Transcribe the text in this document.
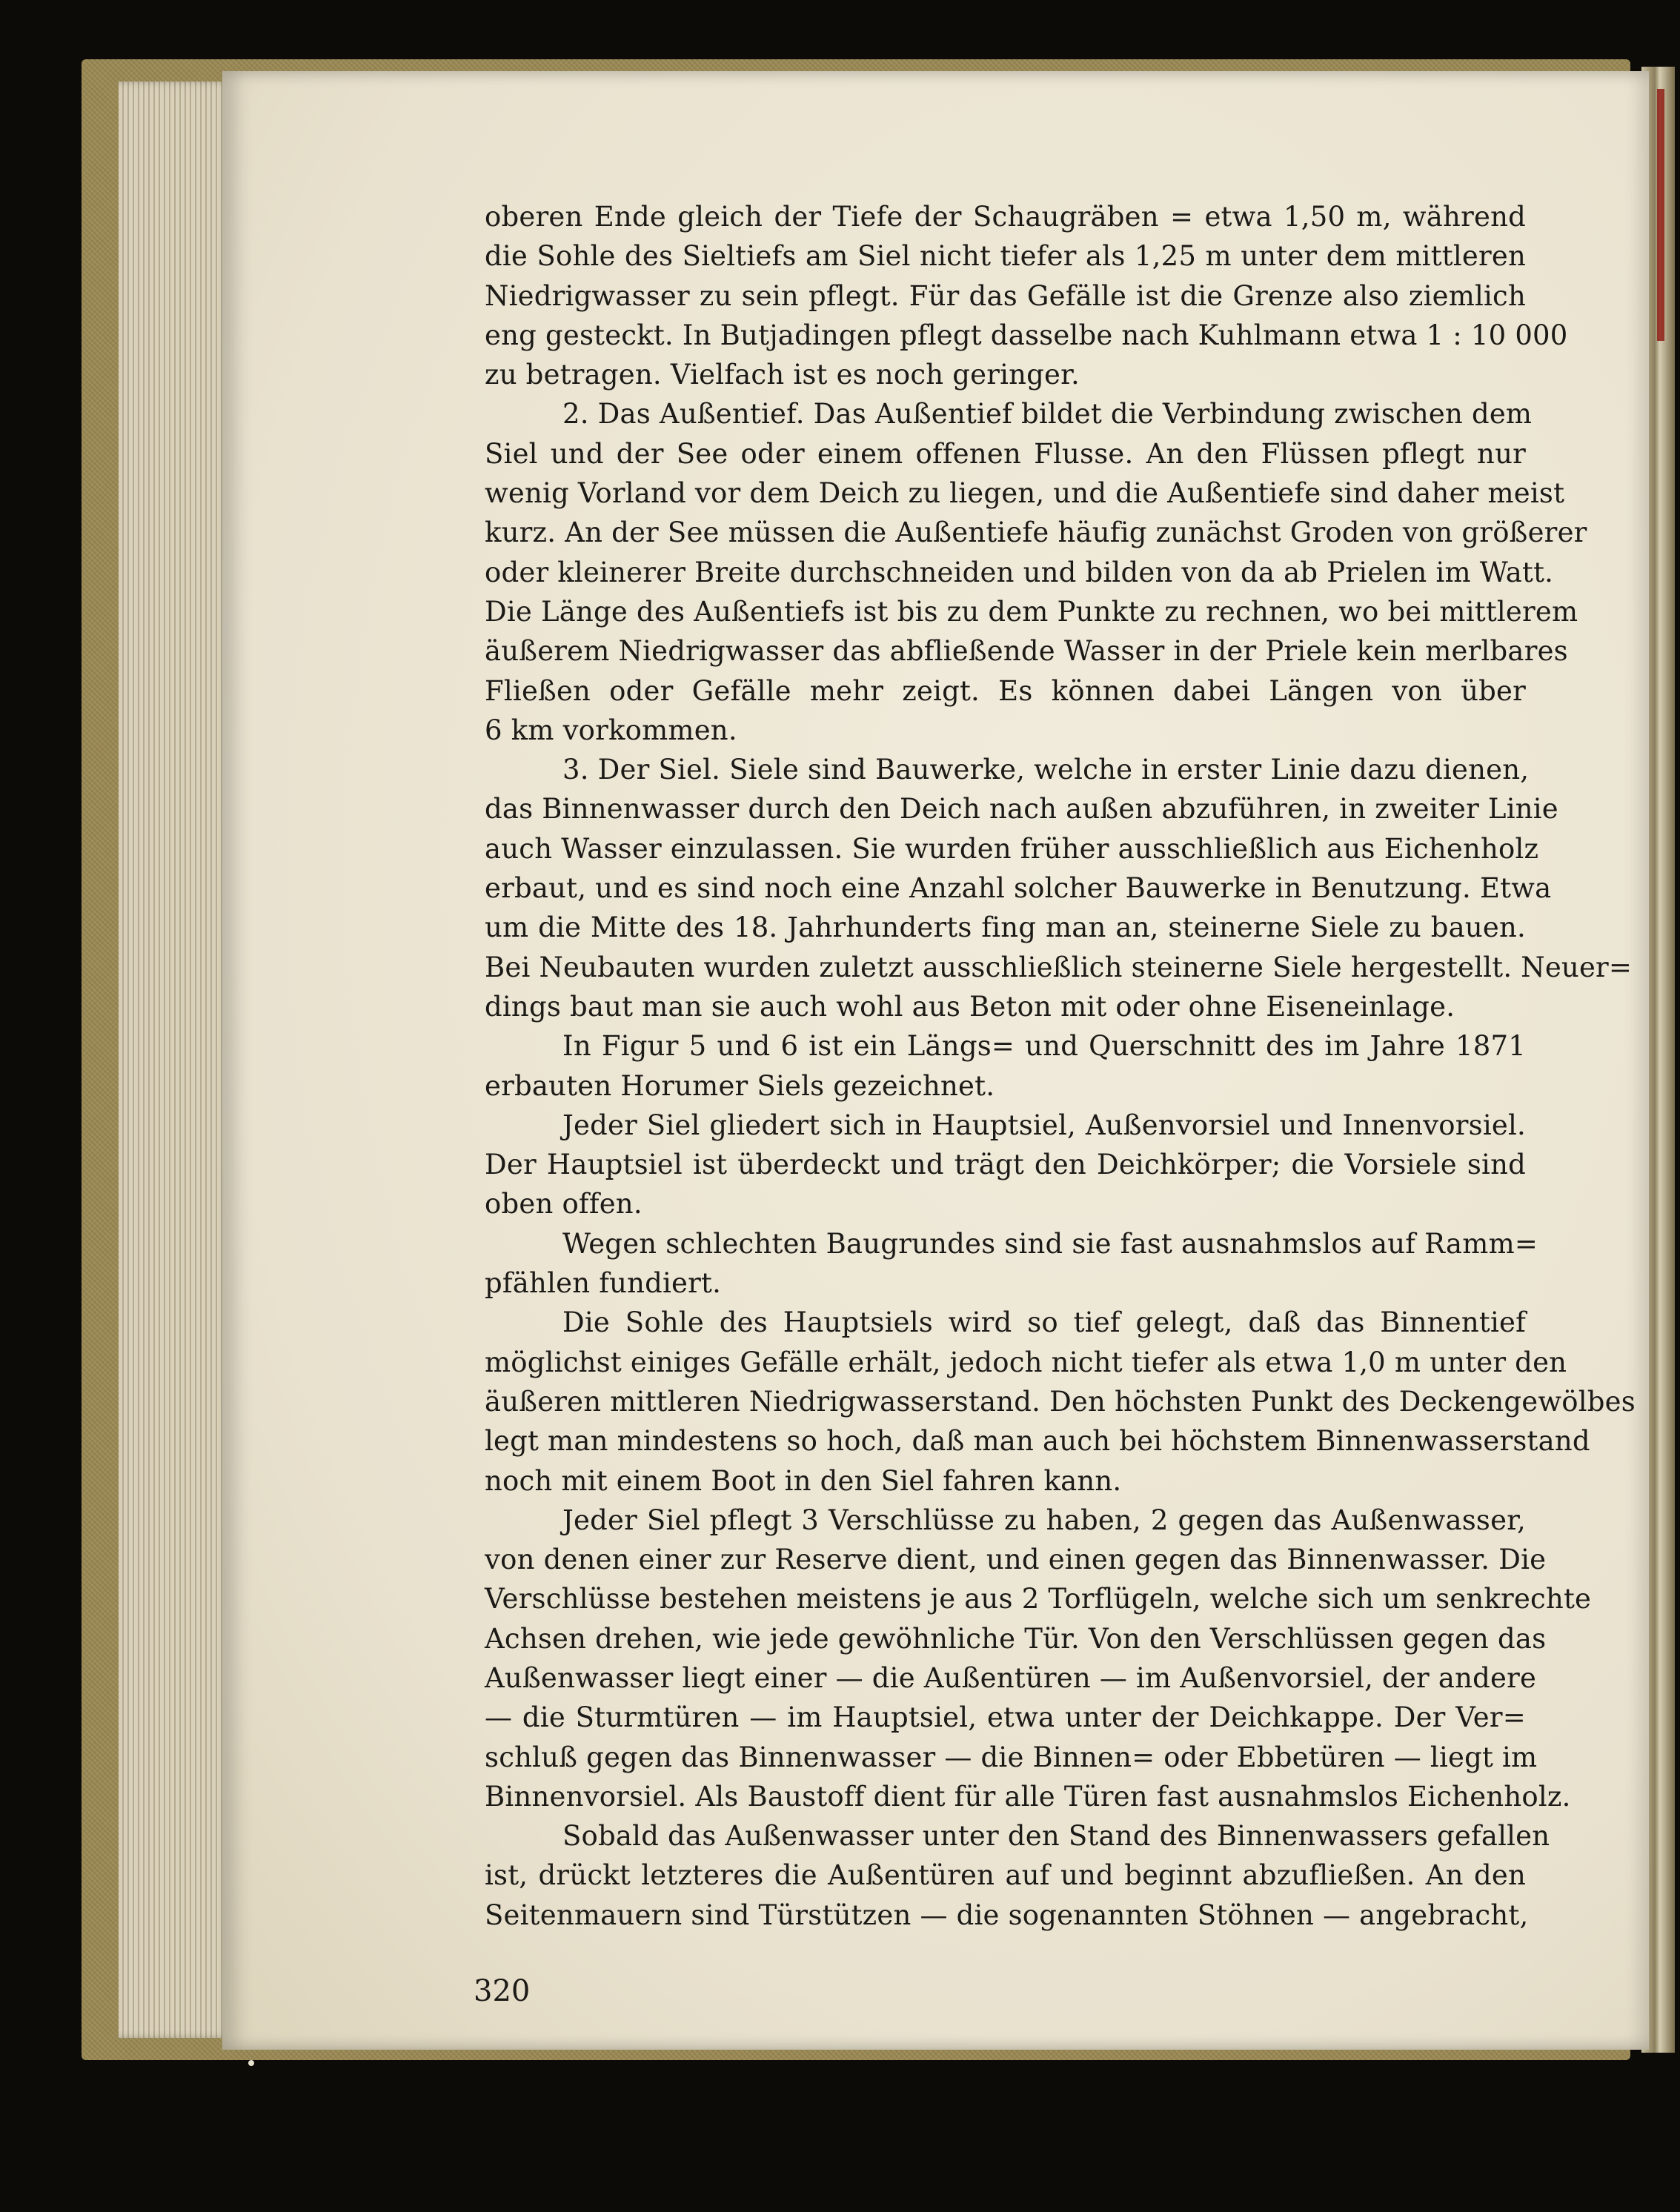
oberen Ende gleich der Tiefe der Schaugräben = etwa 1,50 m, während
die Sohle des Sieltiefs am Siel nicht tiefer als 1,25 m unter dem mittleren
Niedrigwasser zu sein pflegt. Für das Gefälle ist die Grenze also ziemlich
eng gesteckt. In Butjadingen pflegt dasselbe nach Kuhlmann etwa 1 : 10 000
zu betragen. Vielfach ist es noch geringer.
2. Das Außentief. Das Außentief bildet die Verbindung zwischen dem
Siel und der See oder einem offenen Flusse. An den Flüssen pflegt nur
wenig Vorland vor dem Deich zu liegen, und die Außentiefe sind daher meist
kurz. An der See müssen die Außentiefe häufig zunächst Groden von größerer
oder kleinerer Breite durchschneiden und bilden von da ab Prielen im Watt.
Die Länge des Außentiefs ist bis zu dem Punkte zu rechnen, wo bei mittlerem
äußerem Niedrigwasser das abfließende Wasser in der Priele kein merlbares
Fließen oder Gefälle mehr zeigt. Es können dabei Längen von über
6 km vorkommen.
3. Der Siel. Siele sind Bauwerke, welche in erster Linie dazu dienen,
das Binnenwasser durch den Deich nach außen abzuführen, in zweiter Linie
auch Wasser einzulassen. Sie wurden früher ausschließlich aus Eichenholz
erbaut, und es sind noch eine Anzahl solcher Bauwerke in Benutzung. Etwa
um die Mitte des 18. Jahrhunderts fing man an, steinerne Siele zu bauen.
Bei Neubauten wurden zuletzt ausschließlich steinerne Siele hergestellt. Neuer=
dings baut man sie auch wohl aus Beton mit oder ohne Eiseneinlage.
In Figur 5 und 6 ist ein Längs= und Querschnitt des im Jahre 1871
erbauten Horumer Siels gezeichnet.
Jeder Siel gliedert sich in Hauptsiel, Außenvorsiel und Innenvorsiel.
Der Hauptsiel ist überdeckt und trägt den Deichkörper; die Vorsiele sind
oben offen.
Wegen schlechten Baugrundes sind sie fast ausnahmslos auf Ramm=
pfählen fundiert.
Die Sohle des Hauptsiels wird so tief gelegt, daß das Binnentief
möglichst einiges Gefälle erhält, jedoch nicht tiefer als etwa 1,0 m unter den
äußeren mittleren Niedrigwasserstand. Den höchsten Punkt des Deckengewölbes
legt man mindestens so hoch, daß man auch bei höchstem Binnenwasserstand
noch mit einem Boot in den Siel fahren kann.
Jeder Siel pflegt 3 Verschlüsse zu haben, 2 gegen das Außenwasser,
von denen einer zur Reserve dient, und einen gegen das Binnenwasser. Die
Verschlüsse bestehen meistens je aus 2 Torflügeln, welche sich um senkrechte
Achsen drehen, wie jede gewöhnliche Tür. Von den Verschlüssen gegen das
Außenwasser liegt einer — die Außentüren — im Außenvorsiel, der andere
— die Sturmtüren — im Hauptsiel, etwa unter der Deichkappe. Der Ver=
schluß gegen das Binnenwasser — die Binnen= oder Ebbetüren — liegt im
Binnenvorsiel. Als Baustoff dient für alle Türen fast ausnahmslos Eichenholz.
Sobald das Außenwasser unter den Stand des Binnenwassers gefallen
ist, drückt letzteres die Außentüren auf und beginnt abzufließen. An den
Seitenmauern sind Türstützen — die sogenannten Stöhnen — angebracht,
320
